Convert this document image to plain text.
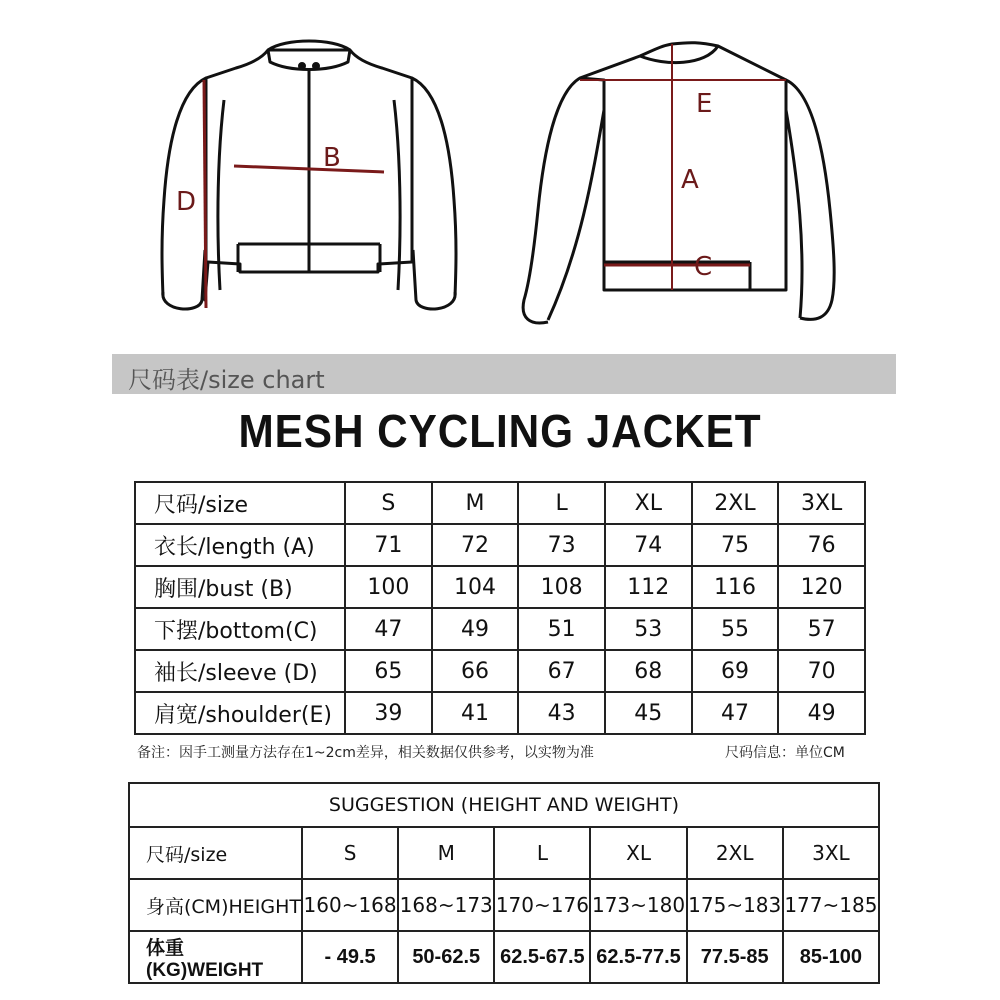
B
D
E
A
C
尺码表/size chart
MESH CYCLING JACKET
尺码/size	S	M	L	XL	2XL	3XL
衣长/length (A)	71	72	73	74	75	76
胸围/bust (B)	100	104	108	112	116	120
下摆/bottom(C)	47	49	51	53	55	57
袖长/sleeve (D)	65	66	67	68	69	70
肩宽/shoulder(E)	39	41	43	45	47	49
备注：因手工测量方法存在1~2cm差异，相关数据仅供参考，以实物为准	尺码信息：单位CM
SUGGESTION (HEIGHT AND WEIGHT)						
尺码/size	S	M	L	XL	2XL	3XL
身高(CM)HEIGHT	160~168	168~173	170~176	173~180	175~183	177~185
体重(KG)WEIGHT	- 49.5	50-62.5	62.5-67.5	62.5-77.5	77.5-85	85-100
